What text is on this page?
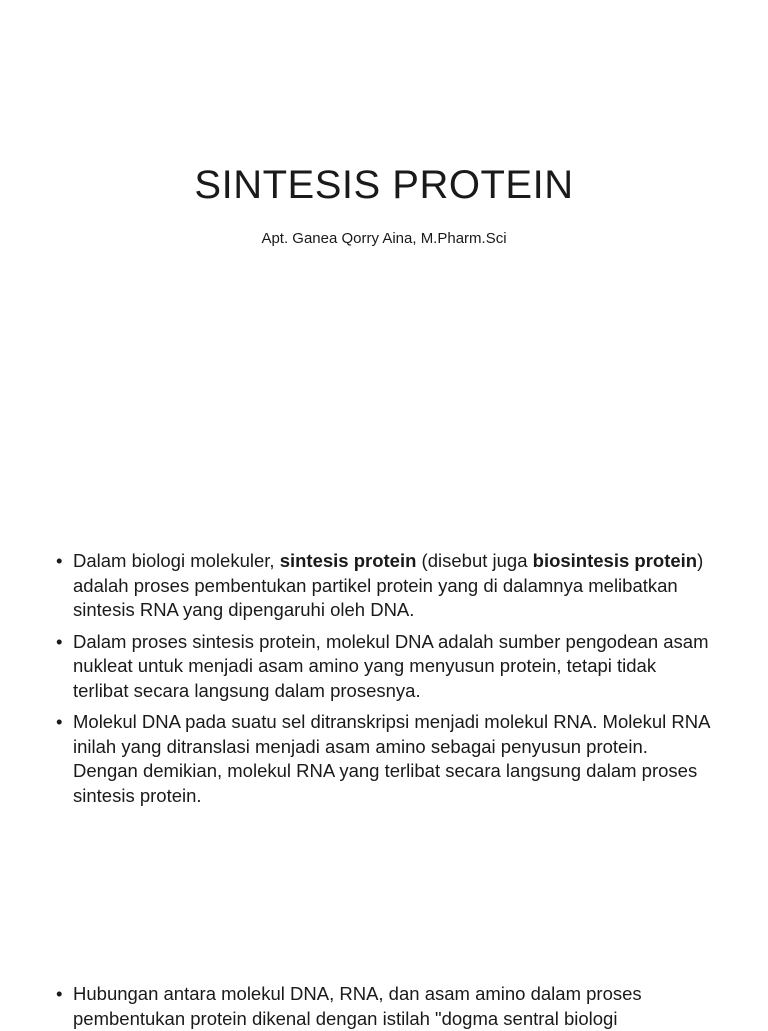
SINTESIS PROTEIN

Apt. Ganea Qorry Aina, M.Pharm.Sci

• Dalam biologi molekuler, sintesis protein (disebut juga biosintesis protein) adalah proses pembentukan partikel protein yang di dalamnya melibatkan sintesis RNA yang dipengaruhi oleh DNA.
• Dalam proses sintesis protein, molekul DNA adalah sumber pengodean asam nukleat untuk menjadi asam amino yang menyusun protein, tetapi tidak terlibat secara langsung dalam prosesnya.
• Molekul DNA pada suatu sel ditranskripsi menjadi molekul RNA. Molekul RNA inilah yang ditranslasi menjadi asam amino sebagai penyusun protein. Dengan demikian, molekul RNA yang terlibat secara langsung dalam proses sintesis protein.
• Hubungan antara molekul DNA, RNA, dan asam amino dalam proses pembentukan protein dikenal dengan istilah "dogma sentral biologi
